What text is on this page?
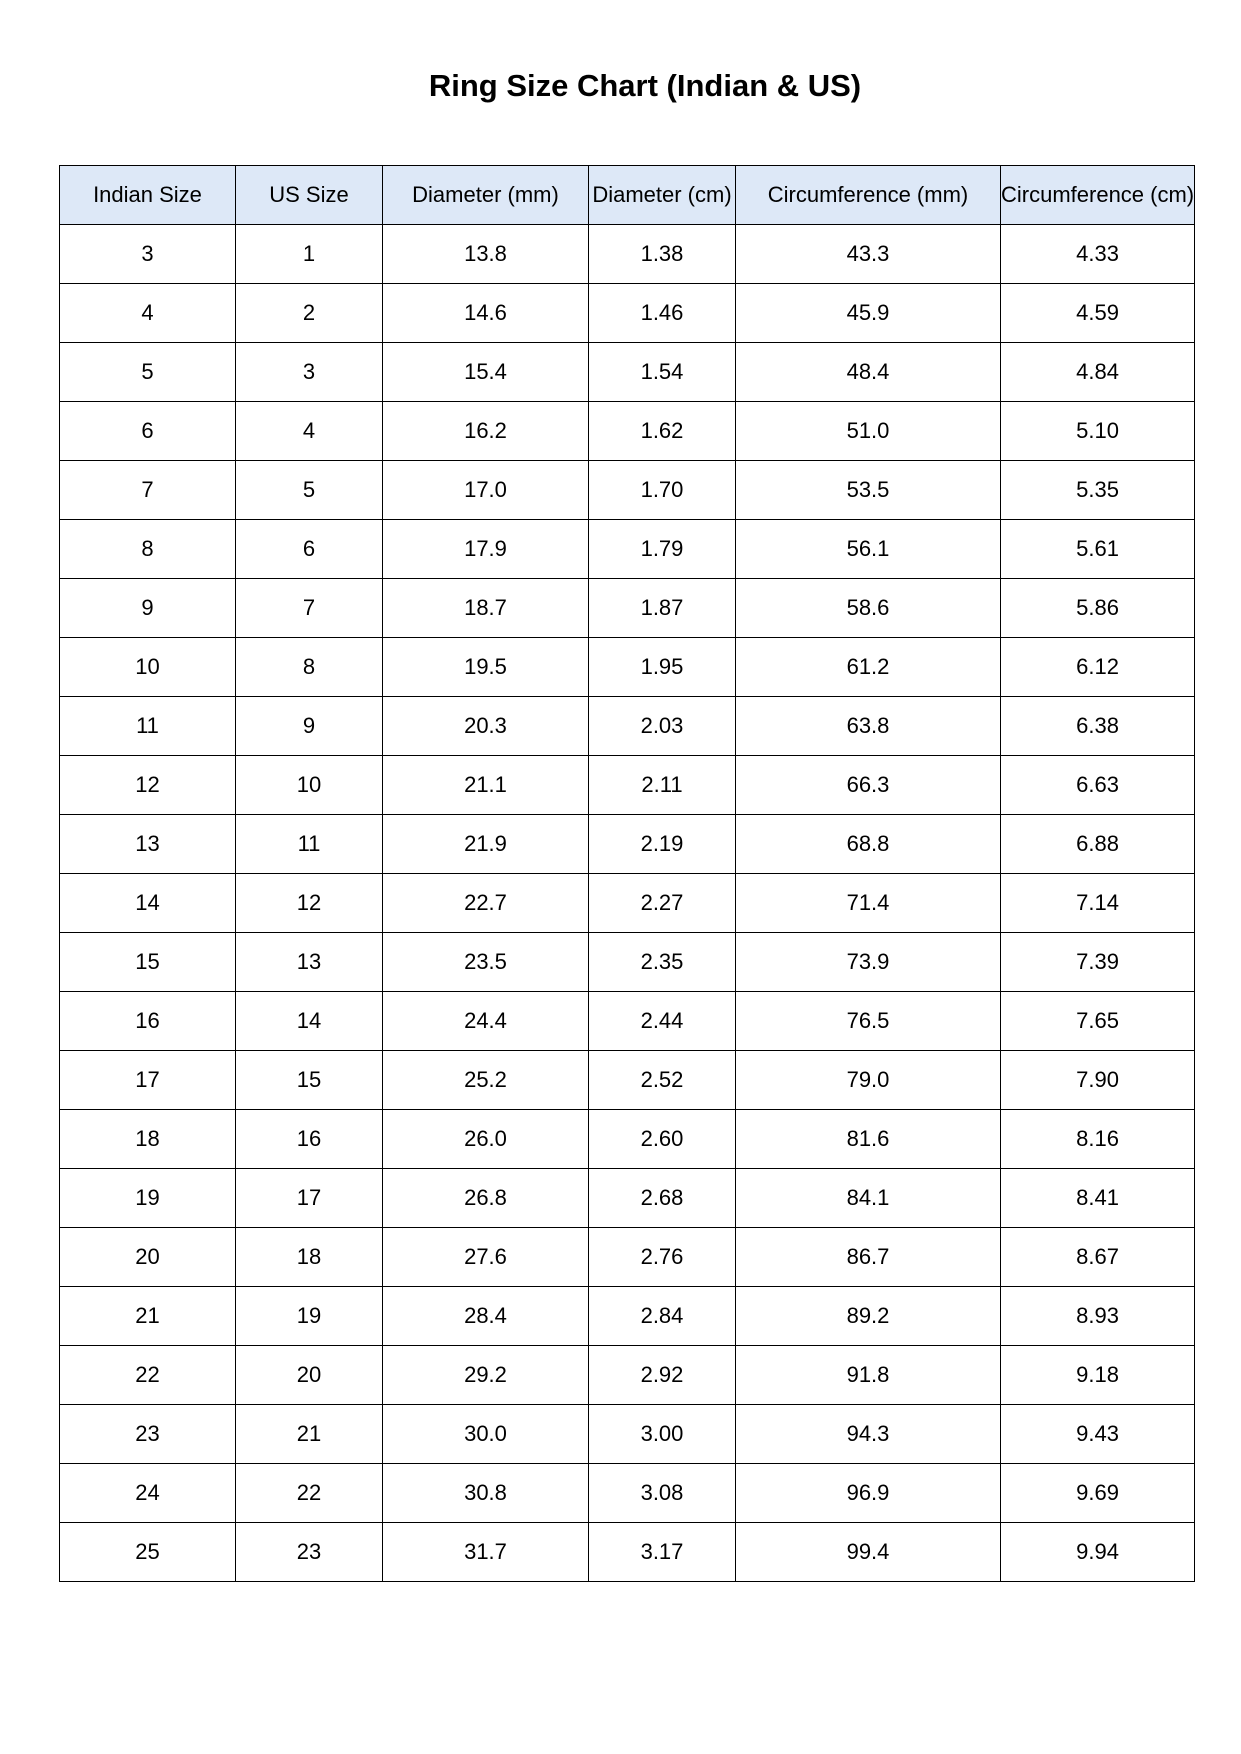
Ring Size Chart (Indian & US)
Indian Size	US Size	Diameter (mm)	Diameter (cm)	Circumference (mm)	Circumference (cm)
3	1	13.8	1.38	43.3	4.33
4	2	14.6	1.46	45.9	4.59
5	3	15.4	1.54	48.4	4.84
6	4	16.2	1.62	51.0	5.10
7	5	17.0	1.70	53.5	5.35
8	6	17.9	1.79	56.1	5.61
9	7	18.7	1.87	58.6	5.86
10	8	19.5	1.95	61.2	6.12
11	9	20.3	2.03	63.8	6.38
12	10	21.1	2.11	66.3	6.63
13	11	21.9	2.19	68.8	6.88
14	12	22.7	2.27	71.4	7.14
15	13	23.5	2.35	73.9	7.39
16	14	24.4	2.44	76.5	7.65
17	15	25.2	2.52	79.0	7.90
18	16	26.0	2.60	81.6	8.16
19	17	26.8	2.68	84.1	8.41
20	18	27.6	2.76	86.7	8.67
21	19	28.4	2.84	89.2	8.93
22	20	29.2	2.92	91.8	9.18
23	21	30.0	3.00	94.3	9.43
24	22	30.8	3.08	96.9	9.69
25	23	31.7	3.17	99.4	9.94
